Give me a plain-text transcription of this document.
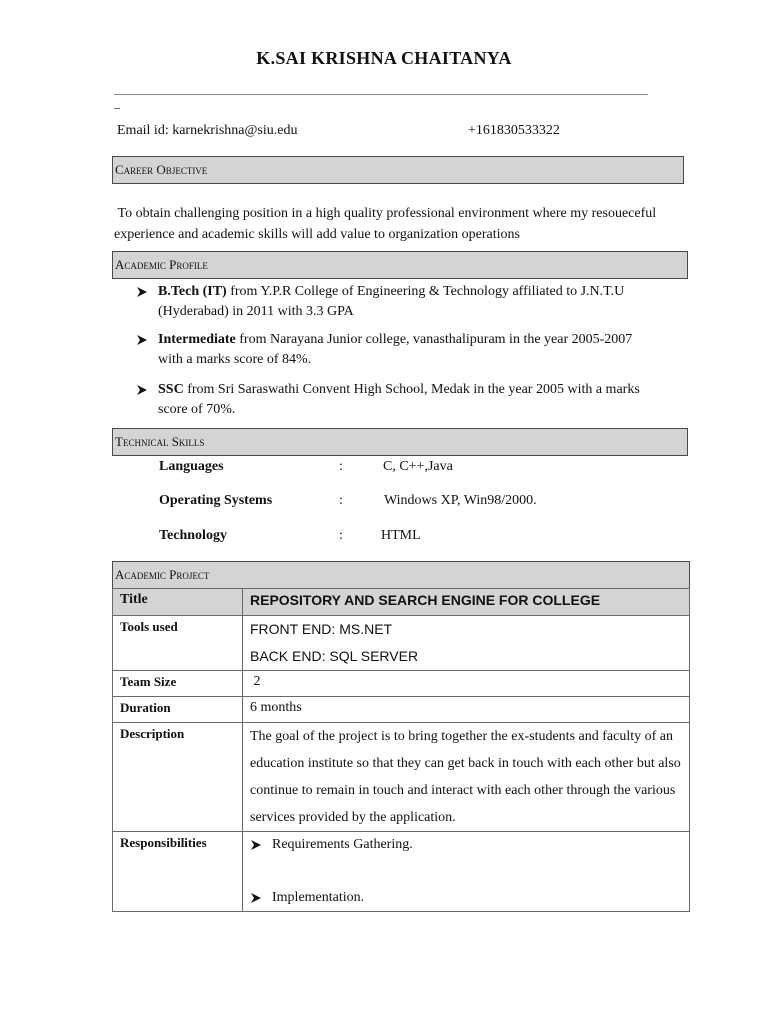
K.SAI KRISHNA CHAITANYA
–
Email id: karnekrishna@siu.edu	+161830533322
Career Objective
To obtain challenging position in a high quality professional environment where my resoueceful experience and academic skills will add value to organization operations
Academic Profile
B.Tech (IT) from Y.P.R College of Engineering & Technology affiliated to J.N.T.U (Hyderabad) in 2011 with 3.3 GPA
Intermediate from Narayana Junior college, vanasthalipuram in the year 2005-2007 with a marks score of 84%.
SSC from Sri Saraswathi Convent High School, Medak in the year 2005 with a marks score of 70%.
Technical Skills
Languages	:	C, C++,Java
Operating Systems	:	Windows XP, Win98/2000.
Technology	:	HTML
Academic Project
Title	REPOSITORY AND SEARCH ENGINE FOR COLLEGE
Tools used	FRONT END: MS.NET
BACK END: SQL SERVER

Team Size	2
Duration	6 months
Description	The goal of the project is to bring together the ex-students and faculty of an education institute so that they can get back in touch with each other but also continue to remain in touch and interact with each other through the various services provided by the application.
Responsibilities	Requirements Gathering.
Implementation.
